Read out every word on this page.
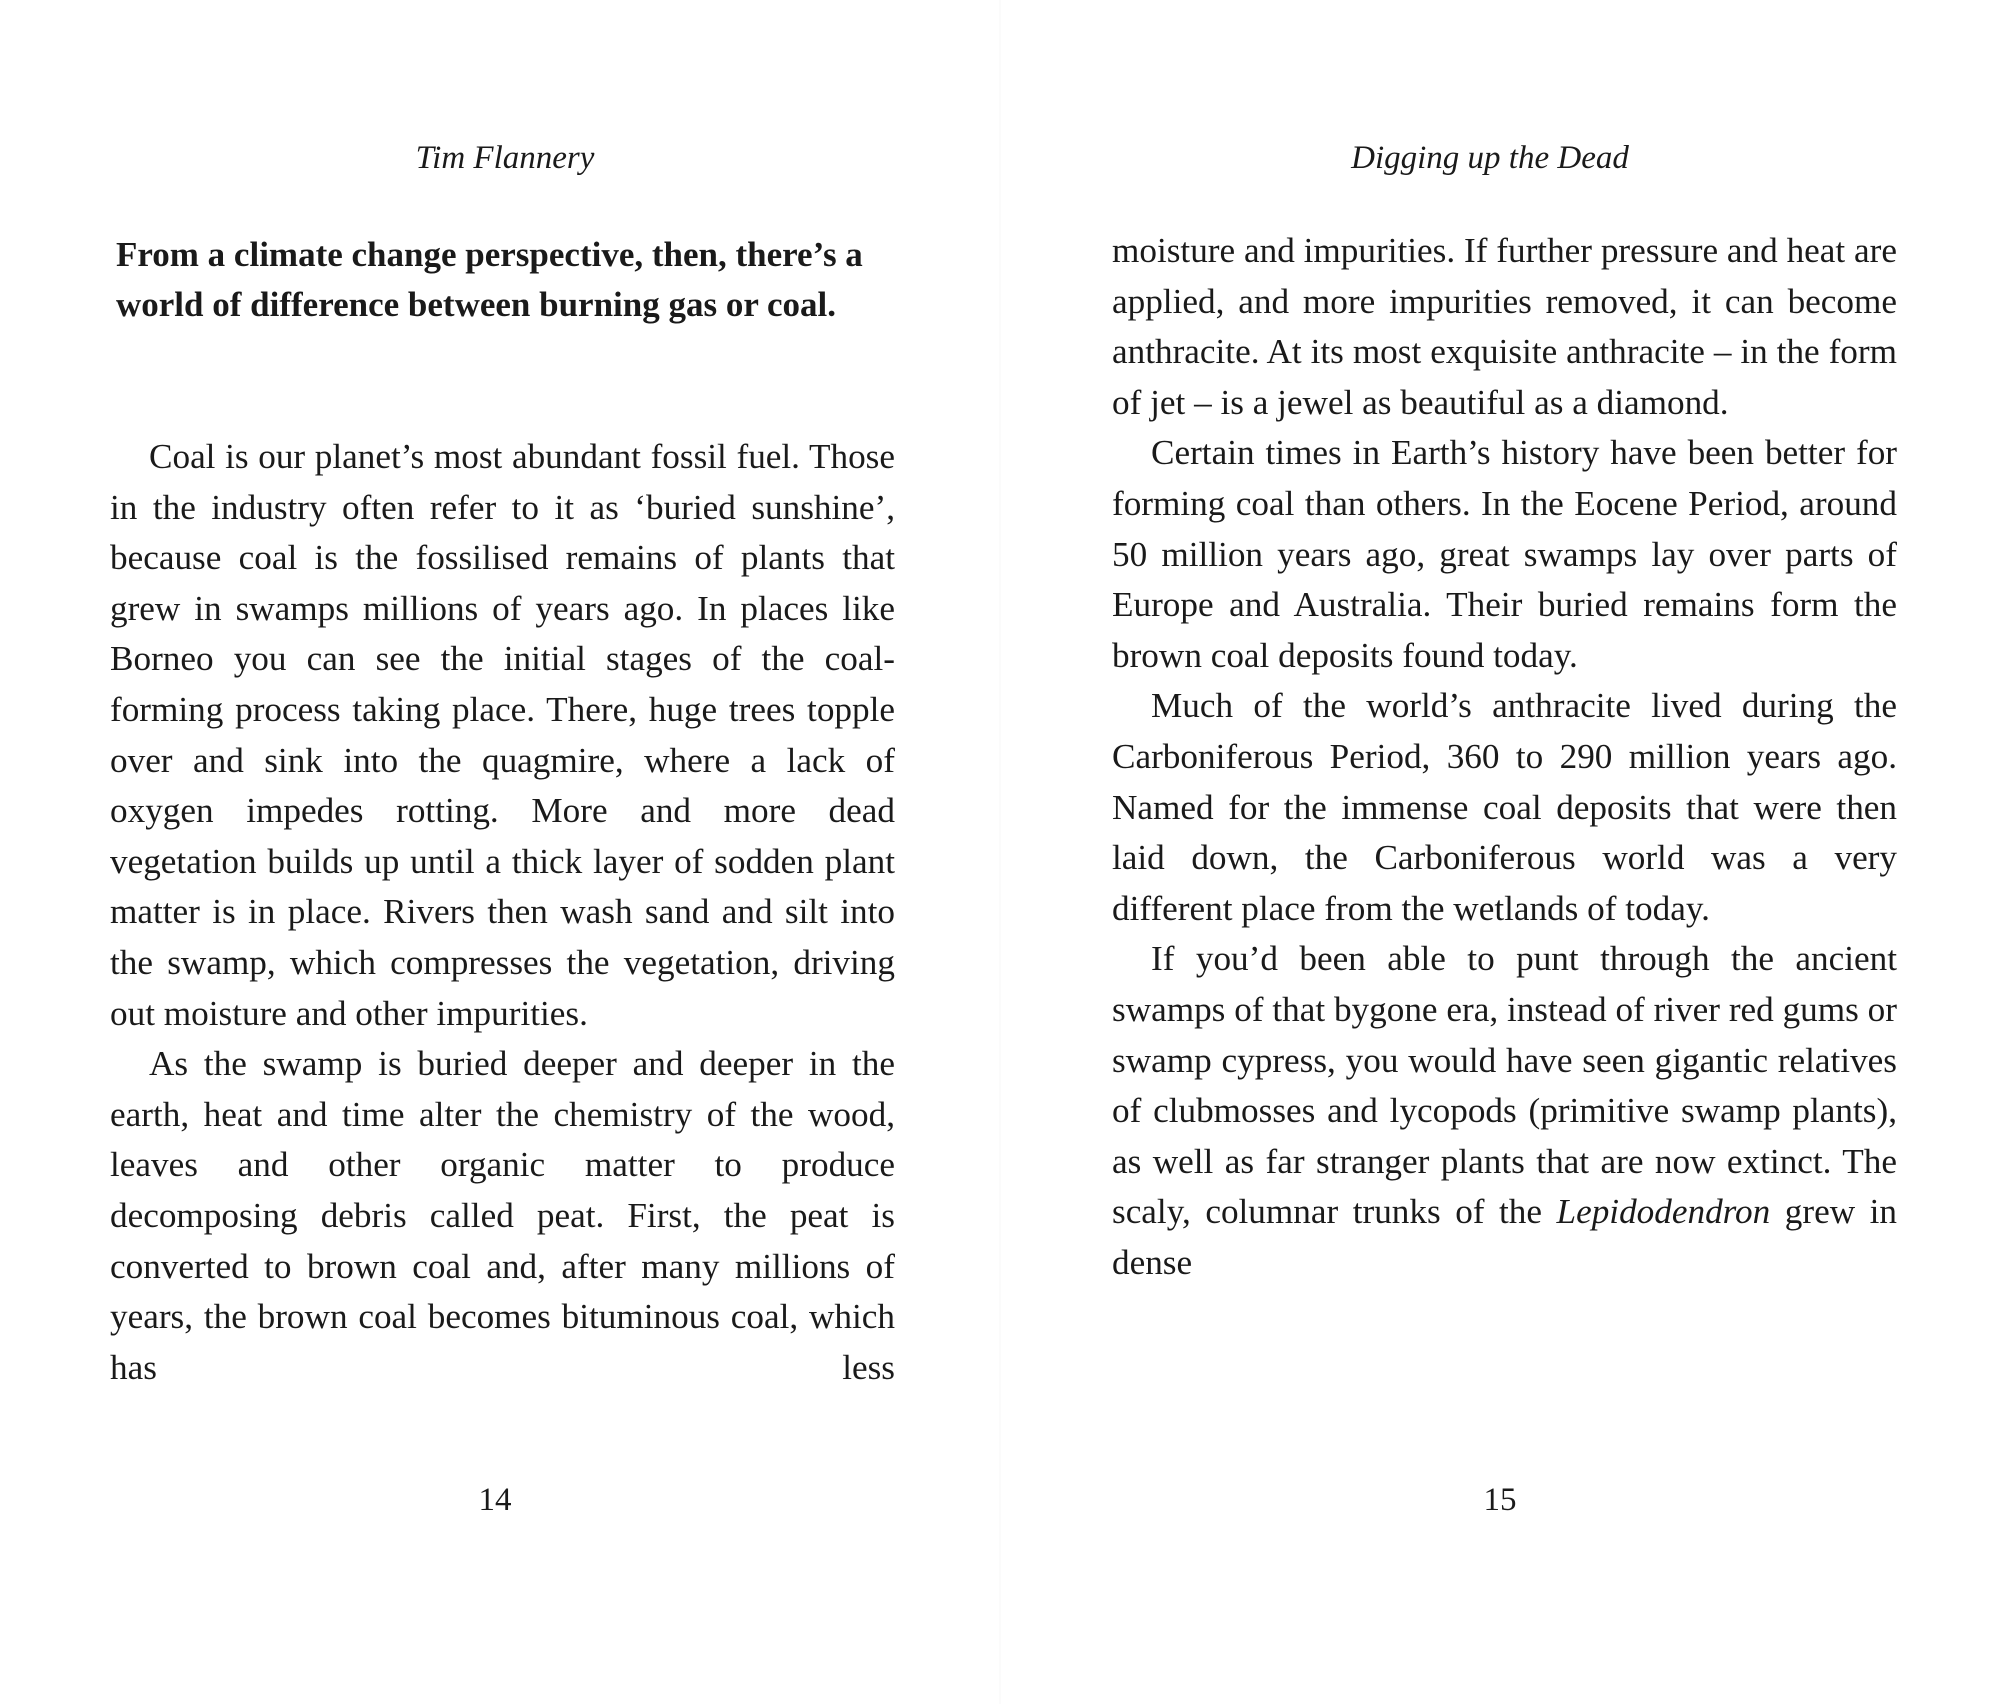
Tim Flannery

From a climate change perspective, then, there’s a world of difference between burning gas or coal.

Coal is our planet’s most abundant fossil fuel. Those in the industry often refer to it as ‘buried sunshine’, because coal is the fossilised remains of plants that grew in swamps millions of years ago. In places like Borneo you can see the initial stages of the coal-forming process taking place. There, huge trees topple over and sink into the quagmire, where a lack of oxygen impedes rotting. More and more dead vegetation builds up until a thick layer of sodden plant matter is in place. Rivers then wash sand and silt into the swamp, which compresses the vegetation, driving out moisture and other impurities.

As the swamp is buried deeper and deeper in the earth, heat and time alter the chemistry of the wood, leaves and other organic matter to produce decomposing debris called peat. First, the peat is converted to brown coal and, after many millions of years, the brown coal becomes bituminous coal, which has less

14
Digging up the Dead

moisture and impurities. If further pressure and heat are applied, and more impurities removed, it can become anthracite. At its most exquisite anthracite – in the form of jet – is a jewel as beautiful as a diamond.

Certain times in Earth’s history have been better for forming coal than others. In the Eocene Period, around 50 million years ago, great swamps lay over parts of Europe and Australia. Their buried remains form the brown coal deposits found today.

Much of the world’s anthracite lived during the Carboniferous Period, 360 to 290 million years ago. Named for the immense coal deposits that were then laid down, the Carboniferous world was a very different place from the wetlands of today.

If you’d been able to punt through the ancient swamps of that bygone era, instead of river red gums or swamp cypress, you would have seen gigantic relatives of clubmosses and lycopods (primitive swamp plants), as well as far stranger plants that are now extinct. The scaly, columnar trunks of the Lepidodendron grew in dense

15
